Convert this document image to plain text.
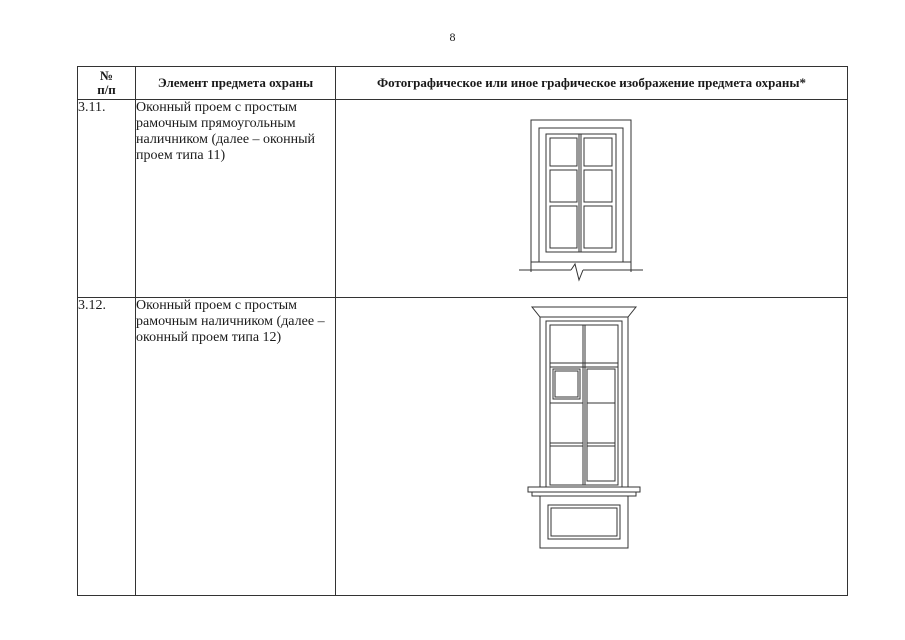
8
№
п/п	Элемент предмета охраны	Фотографическое или иное графическое изображение предмета охраны*
3.11.	Оконный проем с простым рамочным прямоугольным наличником (далее – оконный проем типа 11)	

3.12.	Оконный проем с простым рамочным наличником (далее – оконный проем типа 12)	
